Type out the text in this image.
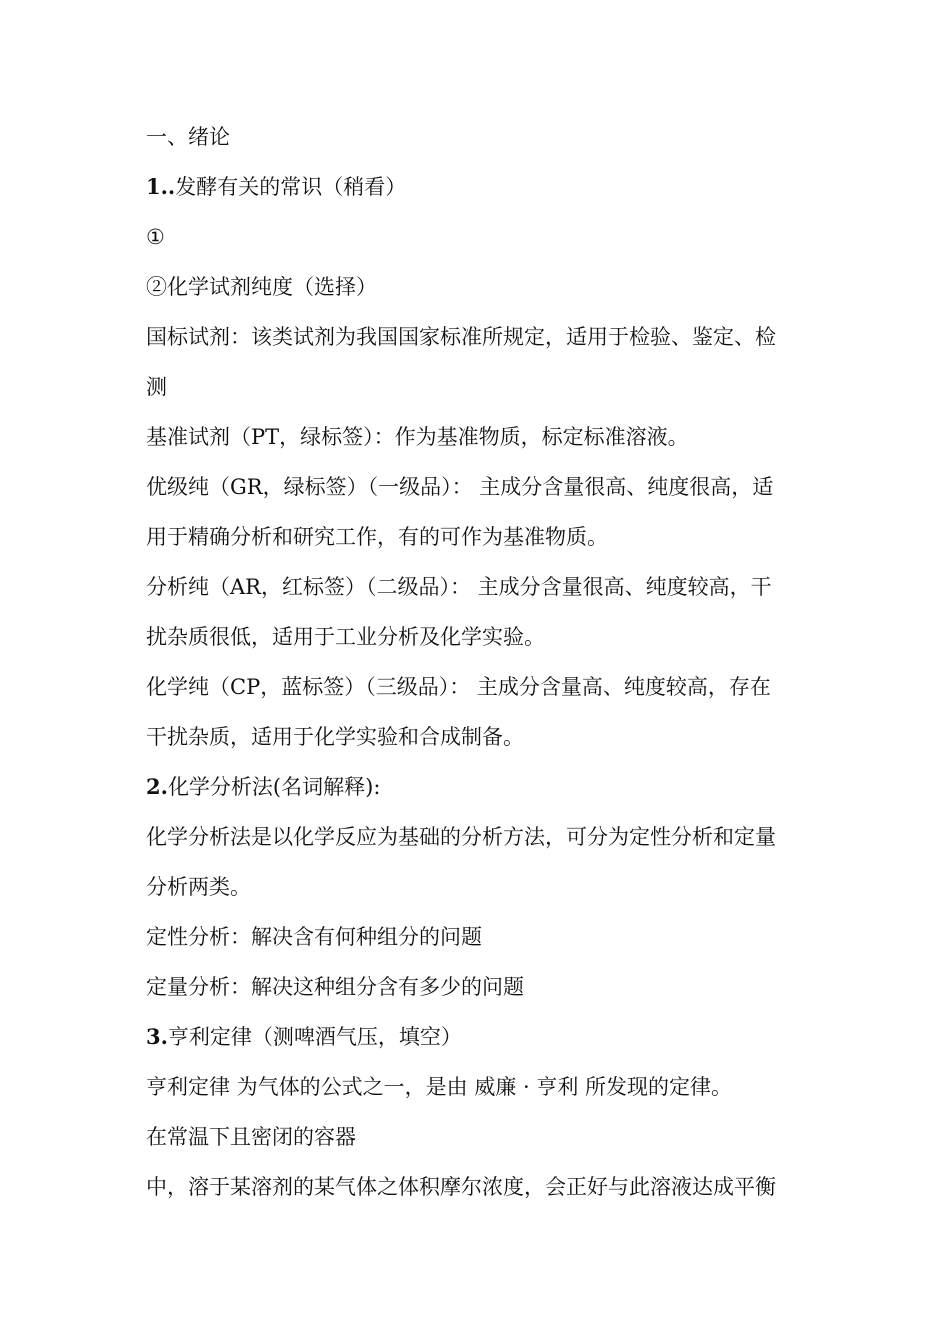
一、绪论
1..发酵有关的常识（稍看）
①
②化学试剂纯度（选择）
国标试剂：该类试剂为我国国家标准所规定，适用于检验、鉴定、检
测
基准试剂（PT，绿标签）：作为基准物质，标定标准溶液。
优级纯（GR，绿标签）（一级品）： 主成分含量很高、纯度很高，适
用于精确分析和研究工作，有的可作为基准物质。
分析纯（AR，红标签）（二级品）： 主成分含量很高、纯度较高，干
扰杂质很低，适用于工业分析及化学实验。
化学纯（CP，蓝标签）（三级品）： 主成分含量高、纯度较高，存在
干扰杂质，适用于化学实验和合成制备。
2.化学分析法(名词解释):
化学分析法是以化学反应为基础的分析方法，可分为定性分析和定量
分析两类。
定性分析：解决含有何种组分的问题
定量分析：解决这种组分含有多少的问题
3.亨利定律（测啤酒气压，填空）
亨利定律 为气体的公式之一，是由 威廉 · 亨利 所发现的定律。
在常温下且密闭的容器
中，溶于某溶剂的某气体之体积摩尔浓度，会正好与此溶液达成平衡
